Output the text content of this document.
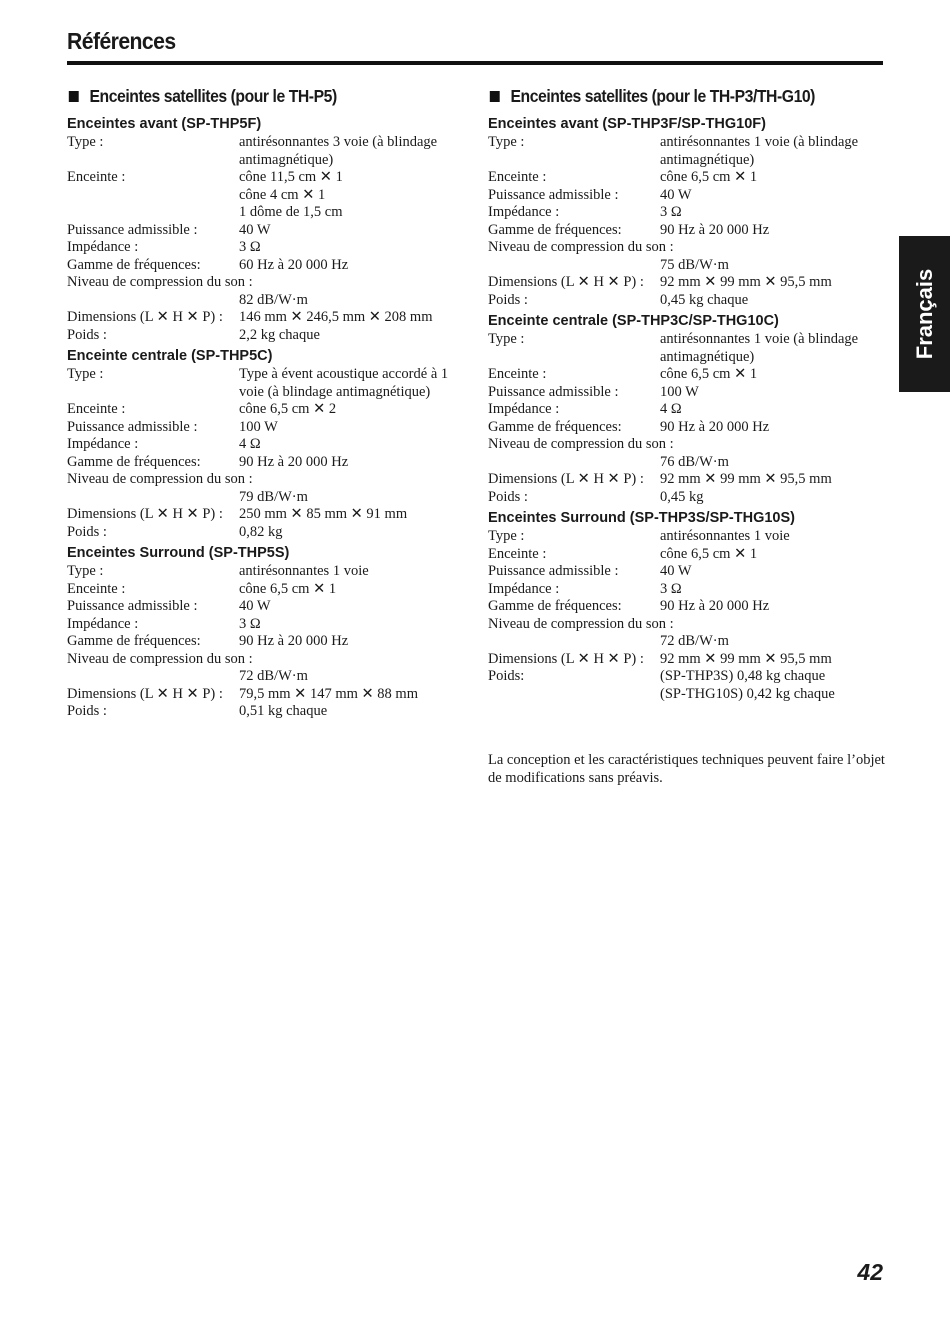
Références
Français
Enceintes satellites (pour le TH-P5)
Enceintes avant (SP-THP5F)
Type :	antirésonnantes 3 voie (à blindage antimagnétique)
Enceinte :	cône 11,5 cm ✕ 1
cône 4 cm ✕ 1
1 dôme de 1,5 cm
Puissance admissible :	40 W
Impédance :	3 Ω
Gamme de fréquences:	60 Hz à 20 000 Hz
Niveau de compression du son :
82 dB/W·m
Dimensions (L ✕ H ✕ P) :	146 mm ✕ 246,5 mm ✕ 208 mm
Poids :	2,2 kg chaque
Enceinte centrale (SP-THP5C)
Type :	Type à évent acoustique accordé à 1 voie (à blindage antimagnétique)
Enceinte :	cône 6,5 cm ✕ 2
Puissance admissible :	100 W
Impédance :	4 Ω
Gamme de fréquences:	90 Hz à 20 000 Hz
Niveau de compression du son :
79 dB/W·m
Dimensions (L ✕ H ✕ P) :	250 mm ✕ 85 mm ✕ 91 mm
Poids :	0,82 kg
Enceintes Surround (SP-THP5S)
Type :	antirésonnantes 1 voie
Enceinte :	cône 6,5 cm ✕ 1
Puissance admissible :	40 W
Impédance :	3 Ω
Gamme de fréquences:	90 Hz à 20 000 Hz
Niveau de compression du son :
72 dB/W·m
Dimensions (L ✕ H ✕ P) :	79,5 mm ✕ 147 mm ✕ 88 mm
Poids :	0,51 kg chaque
Enceintes satellites (pour le TH-P3/TH-G10)
Enceintes avant (SP-THP3F/SP-THG10F)
Type :	antirésonnantes 1 voie (à blindage antimagnétique)
Enceinte :	cône 6,5 cm ✕ 1
Puissance admissible :	40 W
Impédance :	3 Ω
Gamme de fréquences:	90 Hz à 20 000 Hz
Niveau de compression du son :
75 dB/W·m
Dimensions (L ✕ H ✕ P) :	92 mm ✕ 99 mm ✕ 95,5 mm
Poids :	0,45 kg chaque
Enceinte centrale (SP-THP3C/SP-THG10C)
Type :	antirésonnantes 1 voie (à blindage antimagnétique)
Enceinte :	cône 6,5 cm ✕ 1
Puissance admissible :	100 W
Impédance :	4 Ω
Gamme de fréquences:	90 Hz à 20 000 Hz
Niveau de compression du son :
76 dB/W·m
Dimensions (L ✕ H ✕ P) :	92 mm ✕ 99 mm ✕ 95,5 mm
Poids :	0,45 kg
Enceintes Surround (SP-THP3S/SP-THG10S)
Type :	antirésonnantes 1 voie
Enceinte :	cône 6,5 cm ✕ 1
Puissance admissible :	40 W
Impédance :	3 Ω
Gamme de fréquences:	90 Hz à 20 000 Hz
Niveau de compression du son :
72 dB/W·m
Dimensions (L ✕ H ✕ P) :	92 mm ✕ 99 mm ✕ 95,5 mm
Poids:	(SP-THP3S) 0,48 kg chaque
(SP-THG10S) 0,42 kg chaque
La conception et les caractéristiques techniques peuvent faire l’objet de modifications sans préavis.
42
